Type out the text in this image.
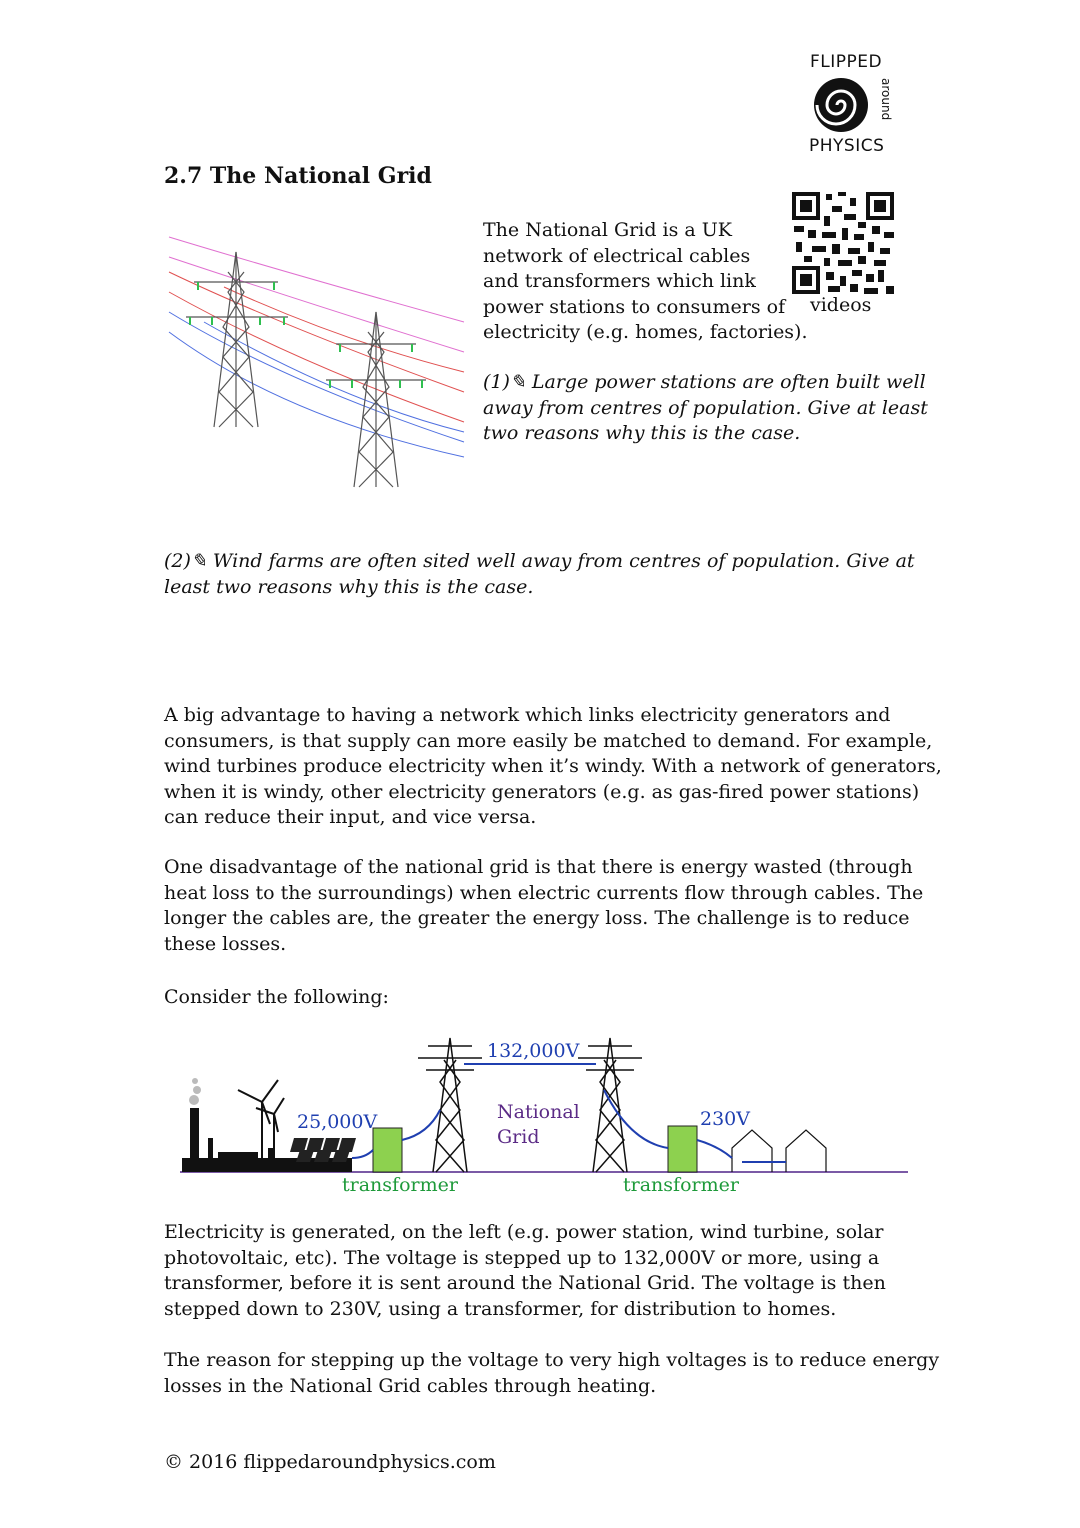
FLIPPED
around
PHYSICS
2.7 The National Grid
The National Grid is a UK
network of electrical cables
and transformers which link
power stations to consumers of
electricity (e.g. homes, factories).
videos
(1)✎ Large power stations are often built well
away from centres of population. Give at least
two reasons why this is the case.
(2)✎ Wind farms are often sited well away from centres of population. Give at
least two reasons why this is the case.
A big advantage to having a network which links electricity generators and
consumers, is that supply can more easily be matched to demand. For example,
wind turbines produce electricity when it’s windy. With a network of generators,
when it is windy, other electricity generators (e.g. as gas-fired power stations)
can reduce their input, and vice versa.
One disadvantage of the national grid is that there is energy wasted (through
heat loss to the surroundings) when electric currents flow through cables. The
longer the cables are, the greater the energy loss. The challenge is to reduce
these losses.
Consider the following:
25,000V
132,000V
230V
National
Grid
transformer	transformer
Electricity is generated, on the left (e.g. power station, wind turbine, solar
photovoltaic, etc). The voltage is stepped up to 132,000V or more, using a
transformer, before it is sent around the National Grid. The voltage is then
stepped down to 230V, using a transformer, for distribution to homes.
The reason for stepping up the voltage to very high voltages is to reduce energy
losses in the National Grid cables through heating.
© 2016 flippedaroundphysics.com
